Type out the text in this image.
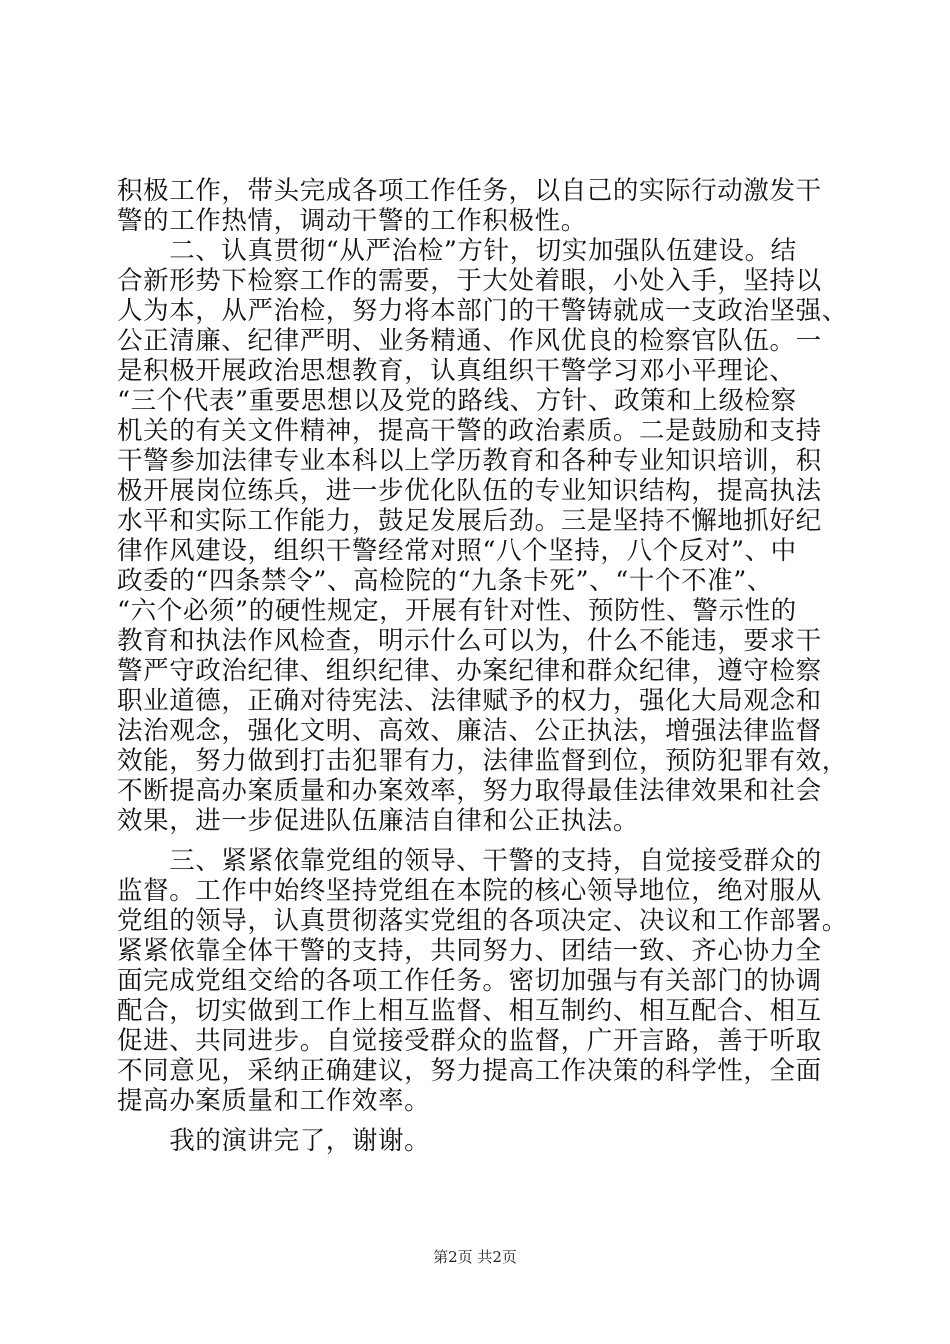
积极工作，带头完成各项工作任务，以自己的实际行动激发干
警的工作热情，调动干警的工作积极性。
　　二、认真贯彻“从严治检”方针，切实加强队伍建设。结
合新形势下检察工作的需要，于大处着眼，小处入手，坚持以
人为本，从严治检，努力将本部门的干警铸就成一支政治坚强、
公正清廉、纪律严明、业务精通、作风优良的检察官队伍。一
是积极开展政治思想教育，认真组织干警学习邓小平理论、
“三个代表”重要思想以及党的路线、方针、政策和上级检察
机关的有关文件精神，提高干警的政治素质。二是鼓励和支持
干警参加法律专业本科以上学历教育和各种专业知识培训，积
极开展岗位练兵，进一步优化队伍的专业知识结构，提高执法
水平和实际工作能力，鼓足发展后劲。三是坚持不懈地抓好纪
律作风建设，组织干警经常对照“八个坚持，八个反对”、中
政委的“四条禁令”、高检院的“九条卡死”、“十个不准”、
“六个必须”的硬性规定，开展有针对性、预防性、警示性的
教育和执法作风检查，明示什么可以为，什么不能违，要求干
警严守政治纪律、组织纪律、办案纪律和群众纪律，遵守检察
职业道德，正确对待宪法、法律赋予的权力，强化大局观念和
法治观念，强化文明、高效、廉洁、公正执法，增强法律监督
效能，努力做到打击犯罪有力，法律监督到位，预防犯罪有效，
不断提高办案质量和办案效率，努力取得最佳法律效果和社会
效果，进一步促进队伍廉洁自律和公正执法。
　　三、紧紧依靠党组的领导、干警的支持，自觉接受群众的
监督。工作中始终坚持党组在本院的核心领导地位，绝对服从
党组的领导，认真贯彻落实党组的各项决定、决议和工作部署。
紧紧依靠全体干警的支持，共同努力、团结一致、齐心协力全
面完成党组交给的各项工作任务。密切加强与有关部门的协调
配合，切实做到工作上相互监督、相互制约、相互配合、相互
促进、共同进步。自觉接受群众的监督，广开言路，善于听取
不同意见，采纳正确建议，努力提高工作决策的科学性，全面
提高办案质量和工作效率。
　　我的演讲完了，谢谢。
第2页 共2页
